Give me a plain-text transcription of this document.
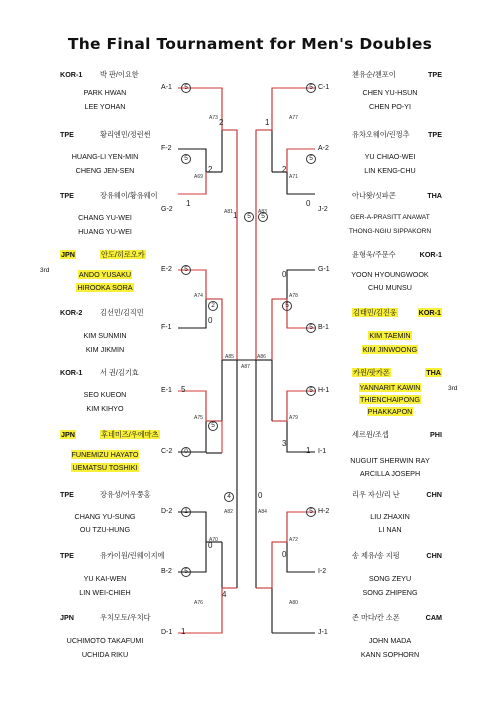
The Final Tournament for Men's Doubles
KOR-1 박 판/이요한
PARK HWAN
LEE YOHAN
TPE	황리엔민/정런썬
HUANG-LI YEN-MIN
CHENG JEN-SEN
TPE	장유웨이/황유웨이
CHANG YU-WEI
HUANG YU-WEI
JPN	안도/히로오카
3rd	ANDO YUSAKU
HIROOKA SORA
KOR-2 김선민/김직민
KIM SUNMIN
KIM JIKMIN
KOR-1 서 권/김기효
SEO KUEON
KIM KIHYO
JPN	후네미즈/우에마츠
FUNEMIZU HAYATO
UEMATSU TOSHIKI
TPE	장유성/어우쭝홍
CHANG YU-SUNG
OU TZU-HUNG
TPE	유카이원/린웨이지에
YU KAI-WEN
LIN WEI-CHIEH
JPN	우치모토/우치다
UCHIMOTO TAKAFUMI
UCHIDA RIKU
첸유순/첸포이	TPE
CHEN YU-HSUN
CHEN PO-YI
유차오웨이/린껑추	TPE
YU CHIAO-WEI
LIN KENG-CHU
아나왓/싯파콘	THA
GER-A-PRASITT ANAWAT
THONG-NGIU SIPPAKORN
윤형욱/주문수	KOR-1
YOON HYOUNGWOOK
CHU MUNSU
김태민/김진웅	KOR-1
KIM TAEMIN
KIM JINWOONG
카윈/팟카폰	THA
YANNARIT KAWIN	3rd
THIENCHAIPONG
PHAKKAPON
세르윈/조셉	PHI
NUGUIT SHERWIN RAY
ARCILLA JOSEPH
리우 자신/리 난	CHN
LIU ZHAXIN
LI NAN
송 제유/송 지펑	CHN
SONG ZEYU
SONG ZHIPENG
존 마다/칸 소폰	CAM
JOHN MADA
KANN SOPHORN
A-1
F-2
G-2
E-2
F-1
E-1
C-2
D-2
B-2
D-1
C-1
A-2
J-2
G-1
B-1
H-1
I-1
H-2
I-2
J-1
A73
A69
A81
A74
A85
A87
A75
A70
A82
A76
A77
A71
A83
A78
A86
A79
A72
A84
A80
5
2
2
5
1
1	5
5
2
0
5
5
0
4
1
0
5
4
1
5
1
5
2
0
5
0
5
5
5
3
1
0
5
0
